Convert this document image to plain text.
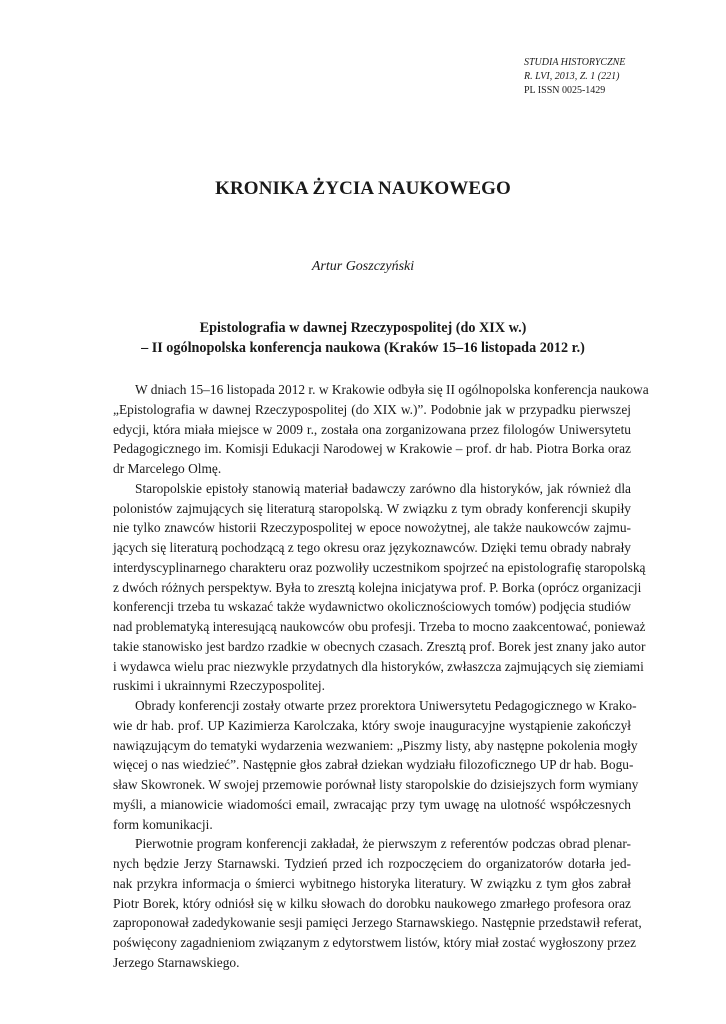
STUDIA HISTORYCZNE
R. LVI, 2013, Z. 1 (221)
PL ISSN 0025-1429
KRONIKA ŻYCIA NAUKOWEGO
Artur Goszczyński
Epistolografia w dawnej Rzeczypospolitej (do XIX w.)
– II ogólnopolska konferencja naukowa (Kraków 15–16 listopada 2012 r.)
W dniach 15–16 listopada 2012 r. w Krakowie odbyła się II ogólnopolska konferencja naukowa
„Epistolografia w dawnej Rzeczypospolitej (do XIX w.)”. Podobnie jak w przypadku pierwszej
edycji, która miała miejsce w 2009 r., została ona zorganizowana przez filologów Uniwersytetu
Pedagogicznego im. Komisji Edukacji Narodowej w Krakowie – prof. dr hab. Piotra Borka oraz
dr Marcelego Olmę.
Staropolskie epistoły stanowią materiał badawczy zarówno dla historyków, jak również dla
polonistów zajmujących się literaturą staropolską. W związku z tym obrady konferencji skupiły
nie tylko znawców historii Rzeczypospolitej w epoce nowożytnej, ale także naukowców zajmu-
jących się literaturą pochodzącą z tego okresu oraz językoznawców. Dzięki temu obrady nabrały
interdyscyplinarnego charakteru oraz pozwoliły uczestnikom spojrzeć na epistolografię staropolską
z dwóch różnych perspektyw. Była to zresztą kolejna inicjatywa prof. P. Borka (oprócz organizacji
konferencji trzeba tu wskazać także wydawnictwo okolicznościowych tomów) podjęcia studiów
nad problematyką interesującą naukowców obu profesji. Trzeba to mocno zaakcentować, ponieważ
takie stanowisko jest bardzo rzadkie w obecnych czasach. Zresztą prof. Borek jest znany jako autor
i wydawca wielu prac niezwykle przydatnych dla historyków, zwłaszcza zajmujących się ziemiami
ruskimi i ukrainnymi Rzeczypospolitej.
Obrady konferencji zostały otwarte przez prorektora Uniwersytetu Pedagogicznego w Krako-
wie dr hab. prof. UP Kazimierza Karolczaka, który swoje inauguracyjne wystąpienie zakończył
nawiązującym do tematyki wydarzenia wezwaniem: „Piszmy listy, aby następne pokolenia mogły
więcej o nas wiedzieć”. Następnie głos zabrał dziekan wydziału filozoficznego UP dr hab. Bogu-
sław Skowronek. W swojej przemowie porównał listy staropolskie do dzisiejszych form wymiany
myśli, a mianowicie wiadomości email, zwracając przy tym uwagę na ulotność współczesnych
form komunikacji.
Pierwotnie program konferencji zakładał, że pierwszym z referentów podczas obrad plenar-
nych będzie Jerzy Starnawski. Tydzień przed ich rozpoczęciem do organizatorów dotarła jed-
nak przykra informacja o śmierci wybitnego historyka literatury. W związku z tym głos zabrał
Piotr Borek, który odniósł się w kilku słowach do dorobku naukowego zmarłego profesora oraz
zaproponował zadedykowanie sesji pamięci Jerzego Starnawskiego. Następnie przedstawił referat,
poświęcony zagadnieniom związanym z edytorstwem listów, który miał zostać wygłoszony przez
Jerzego Starnawskiego.
